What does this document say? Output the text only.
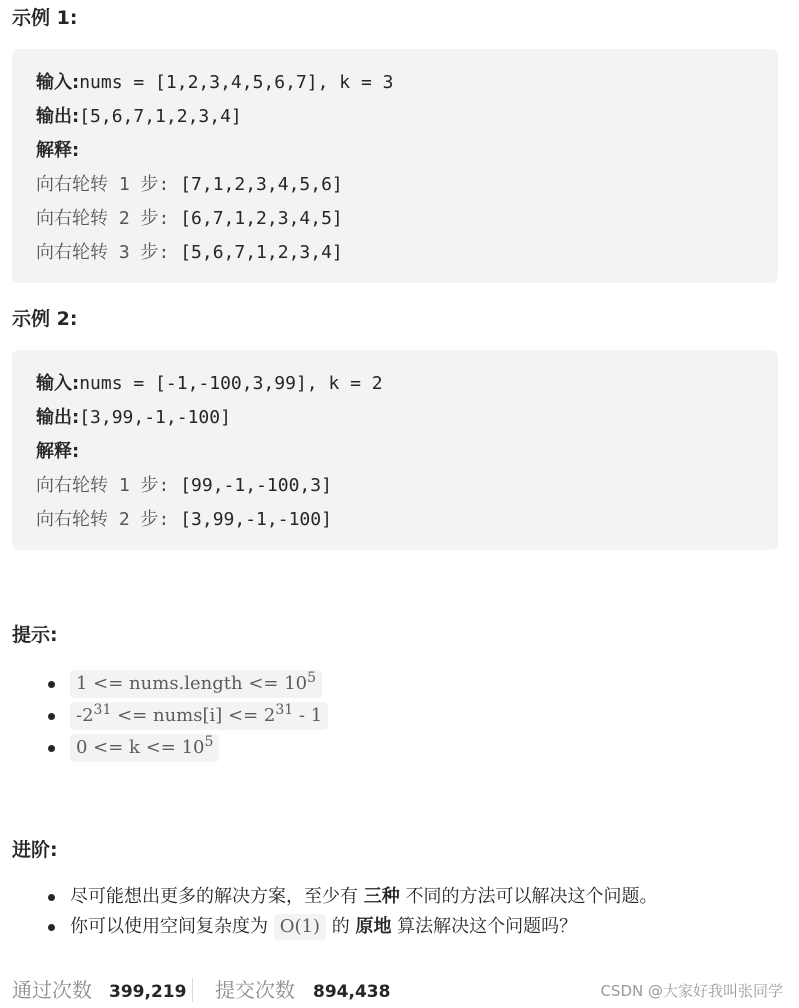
示例 1:
输入:nums = [1,2,3,4,5,6,7], k = 3
输出:[5,6,7,1,2,3,4]
解释:
向右轮转 1 步: [7,1,2,3,4,5,6]
向右轮转 2 步: [6,7,1,2,3,4,5]
向右轮转 3 步: [5,6,7,1,2,3,4]
示例 2:
输入:nums = [-1,-100,3,99], k = 2
输出:[3,99,-1,-100]
解释:
向右轮转 1 步: [99,-1,-100,3]
向右轮转 2 步: [3,99,-1,-100]
提示:
1 <= nums.length <= $10^5$
$-2^{31}$ <= nums[i] <= $2^{31} - 1$
$0 <= k <= 10^5$
进阶:
尽可能想出更多的解决方案，至少有 三种 不同的方法可以解决这个问题。
你可以使用空间复杂度为 O(1) 的 原地 算法解决这个问题吗？
通过次数 399,219 提交次数 894,438	CSDN @大家好我叫张同学
